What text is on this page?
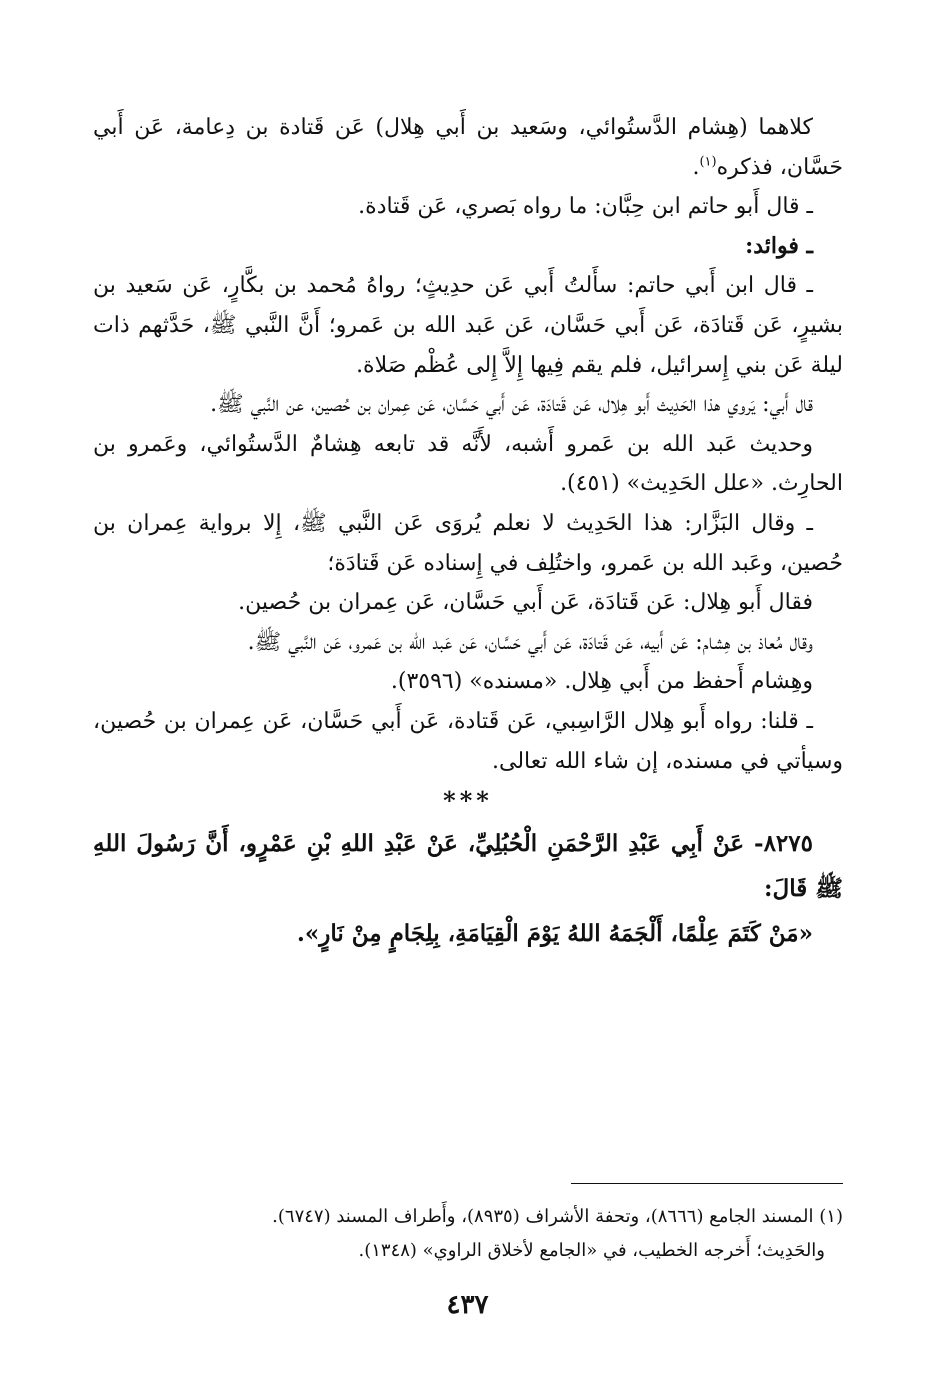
كلاهما (هِشام الدَّستُوائي، وسَعيد بن أَبي هِلال) عَن قَتادة بن دِعامة، عَن أَبي حَسَّان، فذكره$^{(١)}$.

ـ قال أَبو حاتم ابن حِبَّان: ما رواه بَصري، عَن قَتادة.

ـ فوائد:

ـ قال ابن أَبي حاتم: سأَلتُ أَبي عَن حدِيثٍ؛ رواهُ مُحمد بن بكَّارٍ، عَن سَعيد بن بشيرٍ، عَن قَتادَة، عَن أَبي حَسَّان، عَن عَبد الله بن عَمرو؛ أَنَّ النَّبي ﷺ، حَدَّثهم ذات ليلة عَن بني إِسرائيل، فلم يقم فِيها إِلاَّ إِلى عُظْم صَلاة.

قال أَبي: يَروي هذا الحَدِيث أَبو هِلال، عَن قَتادَة، عَن أَبي حَسَّان، عَن عِمران بن حُصين، عن النَّبي ﷺ.

وحديث عَبد الله بن عَمرو أَشبه، لأَنَّه قد تابعه هِشامٌ الدَّستُوائي، وعَمرو بن الحارِث. «علل الحَدِيث» (٤٥١).

ـ وقال البَزَّار: هذا الحَدِيث لا نعلم يُروَى عَن النَّبي ﷺ، إِلا برواية عِمران بن حُصين، وعَبد الله بن عَمرو، واختُلِف في إِسناده عَن قَتادَة؛

فقال أَبو هِلال: عَن قَتادَة، عَن أَبي حَسَّان، عَن عِمران بن حُصين.

وقال مُعاذ بن هِشام: عَن أَبيه، عَن قَتادَة، عَن أَبي حَسَّان، عَن عَبد الله بن عَمرو، عَن النَّبي ﷺ.

وهِشام أَحفظ من أَبي هِلال. «مسنده» (٣٥٩٦).

ـ قلنا: رواه أَبو هِلال الرَّاسِبي، عَن قَتادة، عَن أَبي حَسَّان، عَن عِمران بن حُصين، وسيأتي في مسنده، إن شاء الله تعالى.

***

٨٢٧٥- عَنْ أَبِي عَبْدِ الرَّحْمَنِ الْحُبُلِيِّ، عَنْ عَبْدِ اللهِ بْنِ عَمْرٍو، أَنَّ رَسُولَ اللهِ ﷺ قَالَ:

«مَنْ كَتَمَ عِلْمًا، أَلْجَمَهُ اللهُ يَوْمَ الْقِيَامَةِ، بِلِجَامٍ مِنْ نَارٍ».

(١) المسند الجامع (٨٦٦٦)، وتحفة الأشراف (٨٩٣٥)، وأَطراف المسند (٦٧٤٧).

والحَدِيث؛ أَخرجه الخطيب، في «الجامع لأخلاق الراوي» (١٣٤٨).

٤٣٧
